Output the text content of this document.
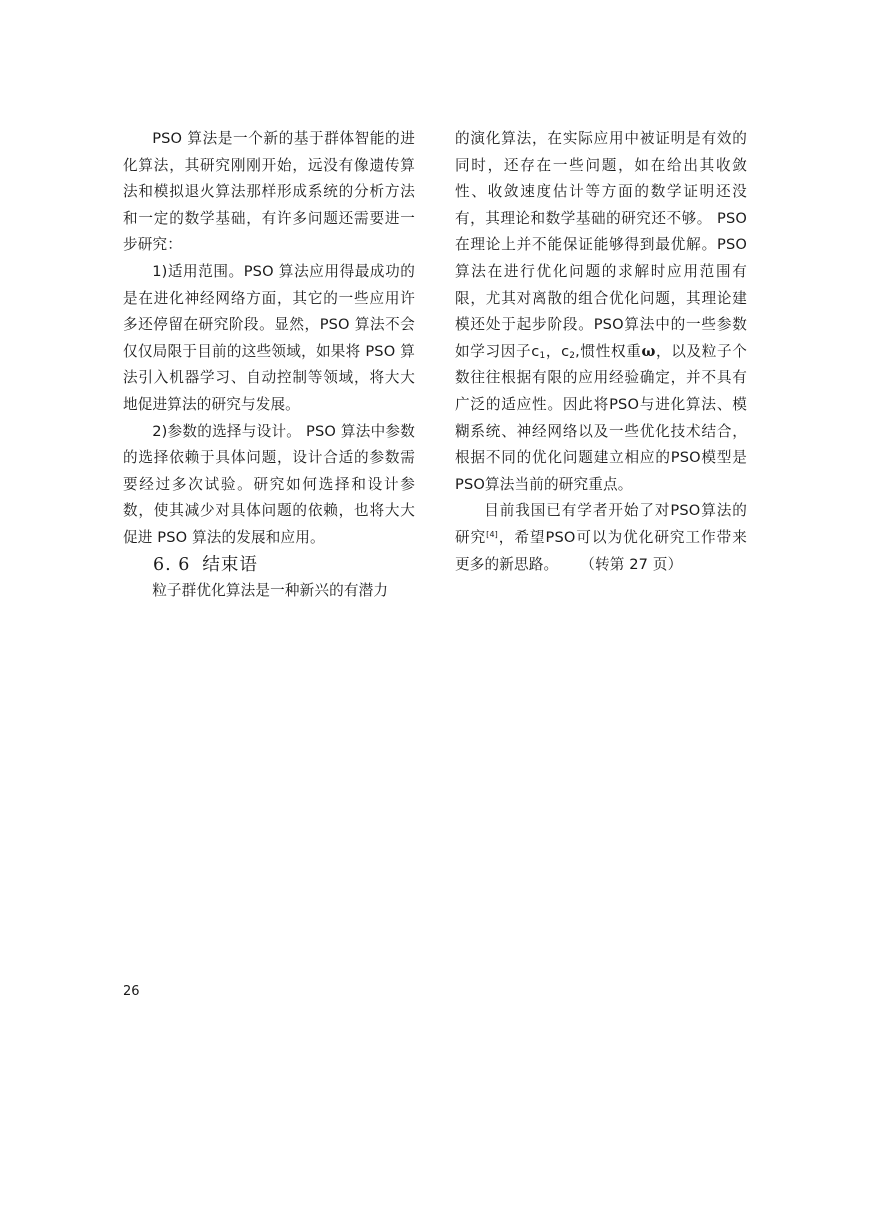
PSO 算法是一个新的基于群体智能的进化算法，其研究刚刚开始，远没有像遗传算法和模拟退火算法那样形成系统的分析方法和一定的数学基础，有许多问题还需要进一步研究：

1)适用范围。PSO 算法应用得最成功的是在进化神经网络方面，其它的一些应用许多还停留在研究阶段。显然，PSO 算法不会仅仅局限于目前的这些领域，如果将 PSO 算法引入机器学习、自动控制等领域，将大大地促进算法的研究与发展。

2)参数的选择与设计。 PSO 算法中参数的选择依赖于具体问题，设计合适的参数需要经过多次试验。研究如何选择和设计参数，使其减少对具体问题的依赖，也将大大促进 PSO 算法的发展和应用。

6. 6 结束语

粒子群优化算法是一种新兴的有潜力

的演化算法，在实际应用中被证明是有效的同时，还存在一些问题，如在给出其收敛性、收敛速度估计等方面的数学证明还没有，其理论和数学基础的研究还不够。 PSO在理论上并不能保证能够得到最优解。PSO算法在进行优化问题的求解时应用范围有限，尤其对离散的组合优化问题，其理论建模还处于起步阶段。PSO算法中的一些参数如学习因子$c_1$，$c_2$,惯性权重ω，以及粒子个数往往根据有限的应用经验确定，并不具有广泛的适应性。因此将PSO与进化算法、模糊系统、神经网络以及一些优化技术结合，根据不同的优化问题建立相应的PSO模型是PSO算法当前的研究重点。

目前我国已有学者开始了对PSO算法的研究[4]，希望PSO可以为优化研究工作带来更多的新思路。 （转第 27 页）

26
